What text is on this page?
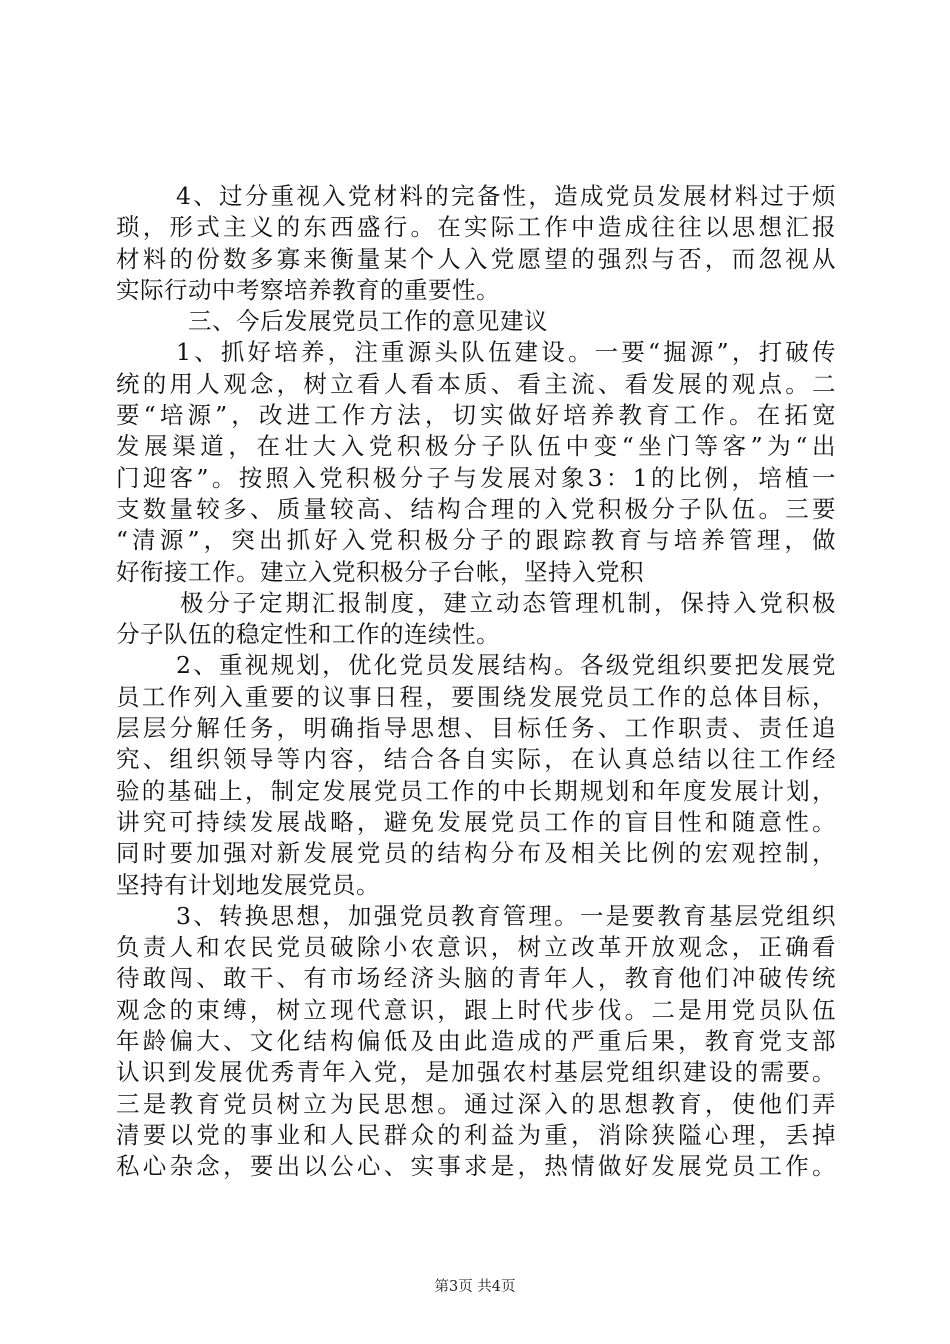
4、过分重视入党材料的完备性，造成党员发展材料过于烦
琐，形式主义的东西盛行。在实际工作中造成往往以思想汇报
材料的份数多寡来衡量某个人入党愿望的强烈与否，而忽视从
实际行动中考察培养教育的重要性。
三、今后发展党员工作的意见建议
1、抓好培养，注重源头队伍建设。一要“掘源”，打破传
统的用人观念，树立看人看本质、看主流、看发展的观点。二
要“培源”，改进工作方法，切实做好培养教育工作。在拓宽
发展渠道，在壮大入党积极分子队伍中变“坐门等客”为“出
门迎客”。按照入党积极分子与发展对象3：1的比例，培植一
支数量较多、质量较高、结构合理的入党积极分子队伍。三要
“清源”，突出抓好入党积极分子的跟踪教育与培养管理，做
好衔接工作。建立入党积极分子台帐，坚持入党积
极分子定期汇报制度，建立动态管理机制，保持入党积极
分子队伍的稳定性和工作的连续性。
2、重视规划，优化党员发展结构。各级党组织要把发展党
员工作列入重要的议事日程，要围绕发展党员工作的总体目标，
层层分解任务，明确指导思想、目标任务、工作职责、责任追
究、组织领导等内容，结合各自实际，在认真总结以往工作经
验的基础上，制定发展党员工作的中长期规划和年度发展计划，
讲究可持续发展战略，避免发展党员工作的盲目性和随意性。
同时要加强对新发展党员的结构分布及相关比例的宏观控制，
坚持有计划地发展党员。
3、转换思想，加强党员教育管理。一是要教育基层党组织
负责人和农民党员破除小农意识，树立改革开放观念，正确看
待敢闯、敢干、有市场经济头脑的青年人，教育他们冲破传统
观念的束缚，树立现代意识，跟上时代步伐。二是用党员队伍
年龄偏大、文化结构偏低及由此造成的严重后果，教育党支部
认识到发展优秀青年入党，是加强农村基层党组织建设的需要。
三是教育党员树立为民思想。通过深入的思想教育，使他们弄
清要以党的事业和人民群众的利益为重，消除狭隘心理，丢掉
私心杂念，要出以公心、实事求是，热情做好发展党员工作。
第3页 共4页
